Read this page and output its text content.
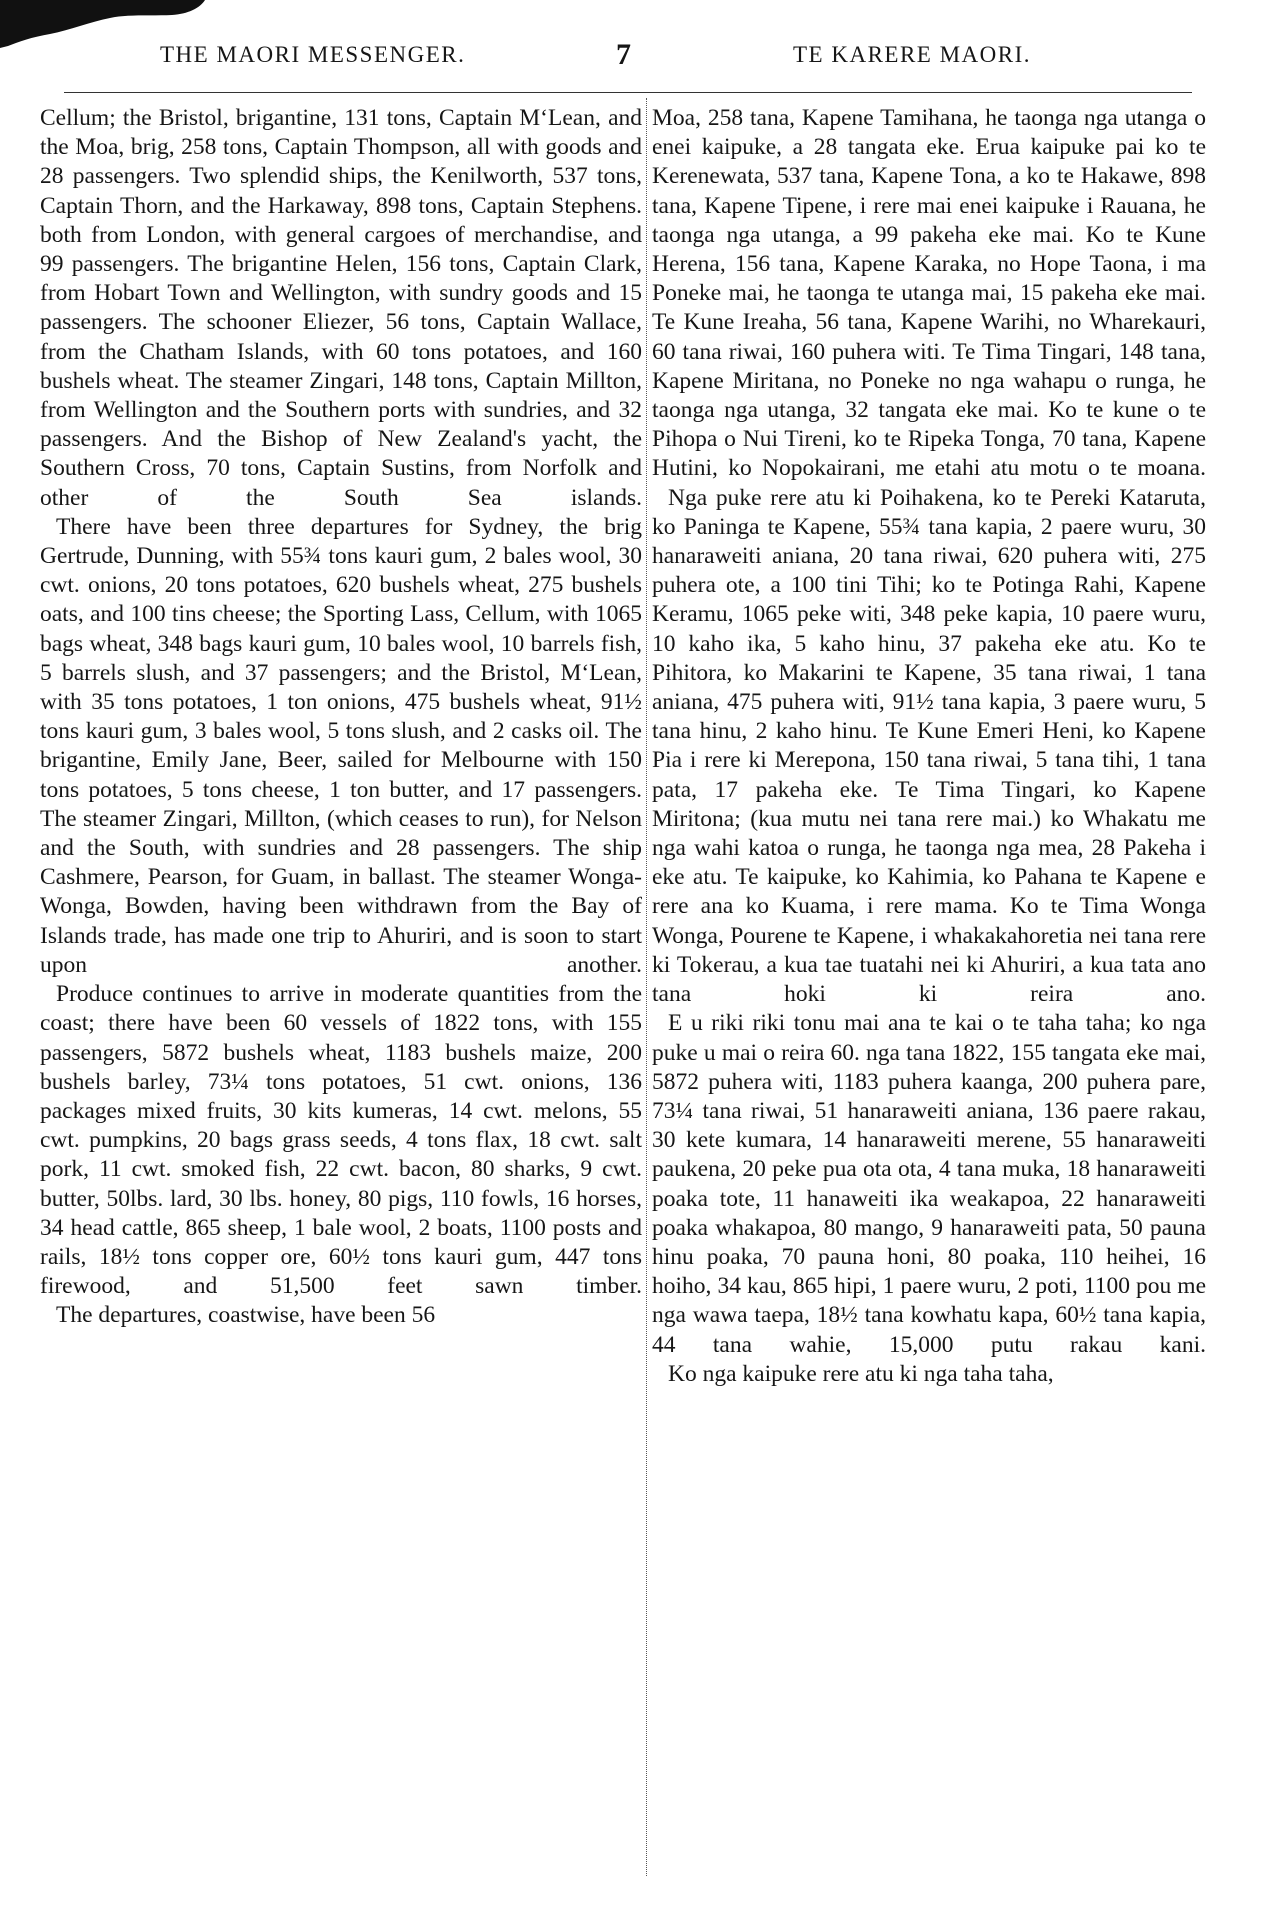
THE MAORI MESSENGER.	7	TE KARERE MAORI.

Cellum; the Bristol, brigantine, 131 tons, Captain M‘Lean, and the Moa, brig, 258 tons, Captain Thompson, all with goods and 28 passengers. Two splendid ships, the Kenilworth, 537 tons, Captain Thorn, and the Harkaway, 898 tons, Captain Stephens. both from London, with general cargoes of merchandise, and 99 passengers. The brigantine Helen, 156 tons, Captain Clark, from Hobart Town and Wellington, with sundry goods and 15 passengers. The schooner Eliezer, 56 tons, Captain Wallace, from the Chatham Islands, with 60 tons potatoes, and 160 bushels wheat. The steamer Zingari, 148 tons, Captain Millton, from Wellington and the Southern ports with sundries, and 32 passengers. And the Bishop of New Zealand's yacht, the Southern Cross, 70 tons, Captain Sustins, from Norfolk and other of the South Sea islands.

There have been three departures for Sydney, the brig Gertrude, Dunning, with 55¾ tons kauri gum, 2 bales wool, 30 cwt. onions, 20 tons potatoes, 620 bushels wheat, 275 bushels oats, and 100 tins cheese; the Sporting Lass, Cellum, with 1065 bags wheat, 348 bags kauri gum, 10 bales wool, 10 barrels fish, 5 barrels slush, and 37 passengers; and the Bristol, M‘Lean, with 35 tons potatoes, 1 ton onions, 475 bushels wheat, 91½ tons kauri gum, 3 bales wool, 5 tons slush, and 2 casks oil. The brigantine, Emily Jane, Beer, sailed for Melbourne with 150 tons potatoes, 5 tons cheese, 1 ton butter, and 17 passengers. The steamer Zingari, Millton, (which ceases to run), for Nelson and the South, with sundries and 28 passengers. The ship Cashmere, Pearson, for Guam, in ballast. The steamer Wonga-Wonga, Bowden, having been withdrawn from the Bay of Islands trade, has made one trip to Ahuriri, and is soon to start upon another.

Produce continues to arrive in moderate quantities from the coast; there have been 60 vessels of 1822 tons, with 155 passengers, 5872 bushels wheat, 1183 bushels maize, 200 bushels barley, 73¼ tons potatoes, 51 cwt. onions, 136 packages mixed fruits, 30 kits kumeras, 14 cwt. melons, 55 cwt. pumpkins, 20 bags grass seeds, 4 tons flax, 18 cwt. salt pork, 11 cwt. smoked fish, 22 cwt. bacon, 80 sharks, 9 cwt. butter, 50lbs. lard, 30 lbs. honey, 80 pigs, 110 fowls, 16 horses, 34 head cattle, 865 sheep, 1 bale wool, 2 boats, 1100 posts and rails, 18½ tons copper ore, 60½ tons kauri gum, 447 tons firewood, and 51,500 feet sawn timber.

The departures, coastwise, have been 56

Moa, 258 tana, Kapene Tamihana, he taonga nga utanga o enei kaipuke, a 28 tangata eke. Erua kaipuke pai ko te Kerenewata, 537 tana, Kapene Tona, a ko te Hakawe, 898 tana, Kapene Tipene, i rere mai enei kaipuke i Rauana, he taonga nga utanga, a 99 pakeha eke mai. Ko te Kune Herena, 156 tana, Kapene Karaka, no Hope Taona, i ma Poneke mai, he taonga te utanga mai, 15 pakeha eke mai. Te Kune Ireaha, 56 tana, Kapene Warihi, no Wharekauri, 60 tana riwai, 160 puhera witi. Te Tima Tingari, 148 tana, Kapene Miritana, no Poneke no nga wahapu o runga, he taonga nga utanga, 32 tangata eke mai. Ko te kune o te Pihopa o Nui Tireni, ko te Ripeka Tonga, 70 tana, Kapene Hutini, ko Nopokairani, me etahi atu motu o te moana.

Nga puke rere atu ki Poihakena, ko te Pereki Kataruta, ko Paninga te Kapene, 55¾ tana kapia, 2 paere wuru, 30 hanaraweiti aniana, 20 tana riwai, 620 puhera witi, 275 puhera ote, a 100 tini Tihi; ko te Potinga Rahi, Kapene Keramu, 1065 peke witi, 348 peke kapia, 10 paere wuru, 10 kaho ika, 5 kaho hinu, 37 pakeha eke atu. Ko te Pihitora, ko Makarini te Kapene, 35 tana riwai, 1 tana aniana, 475 puhera witi, 91½ tana kapia, 3 paere wuru, 5 tana hinu, 2 kaho hinu. Te Kune Emeri Heni, ko Kapene Pia i rere ki Merepona, 150 tana riwai, 5 tana tihi, 1 tana pata, 17 pakeha eke. Te Tima Tingari, ko Kapene Miritona; (kua mutu nei tana rere mai.) ko Whakatu me nga wahi katoa o runga, he taonga nga mea, 28 Pakeha i eke atu. Te kaipuke, ko Kahimia, ko Pahana te Kapene e rere ana ko Kuama, i rere mama. Ko te Tima Wonga Wonga, Pourene te Kapene, i whakakahoretia nei tana rere ki Tokerau, a kua tae tuatahi nei ki Ahuriri, a kua tata ano tana hoki ki reira ano.

E u riki riki tonu mai ana te kai o te taha taha; ko nga puke u mai o reira 60. nga tana 1822, 155 tangata eke mai, 5872 puhera witi, 1183 puhera kaanga, 200 puhera pare, 73¼ tana riwai, 51 hanaraweiti aniana, 136 paere rakau, 30 kete kumara, 14 hanaraweiti merene, 55 hanaraweiti paukena, 20 peke pua ota ota, 4 tana muka, 18 hanaraweiti poaka tote, 11 hanaweiti ika weakapoa, 22 hanaraweiti poaka whakapoa, 80 mango, 9 hanaraweiti pata, 50 pauna hinu poaka, 70 pauna honi, 80 poaka, 110 heihei, 16 hoiho, 34 kau, 865 hipi, 1 paere wuru, 2 poti, 1100 pou me nga wawa taepa, 18½ tana kowhatu kapa, 60½ tana kapia, 44 tana wahie, 15,000 putu rakau kani.

Ko nga kaipuke rere atu ki nga taha taha,
